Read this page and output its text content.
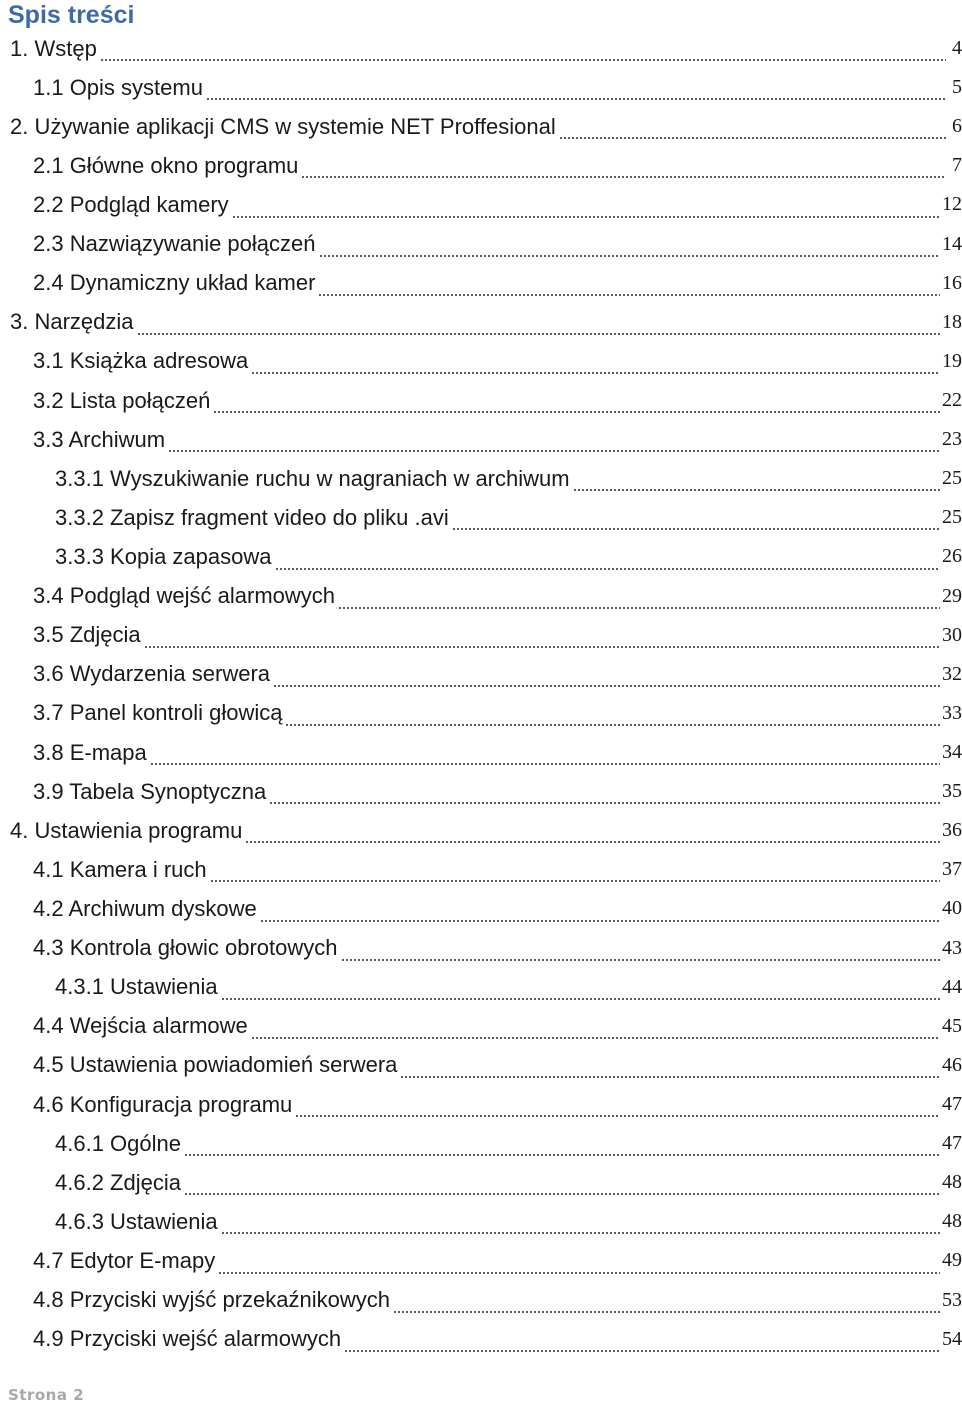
Spis treści
1. Wstęp	4
1.1 Opis systemu	5
2. Używanie aplikacji CMS w systemie NET Proffesional	6
2.1 Główne okno programu	7
2.2 Podgląd kamery	12
2.3 Nazwiązywanie połączeń	14
2.4 Dynamiczny układ kamer	16
3. Narzędzia	18
3.1 Książka adresowa	19
3.2 Lista połączeń	22
3.3 Archiwum	23
3.3.1 Wyszukiwanie ruchu w nagraniach w archiwum	25
3.3.2 Zapisz fragment video do pliku .avi	25
3.3.3 Kopia zapasowa	26
3.4 Podgląd wejść alarmowych	29
3.5 Zdjęcia	30
3.6 Wydarzenia serwera	32
3.7 Panel kontroli głowicą	33
3.8 E-mapa	34
3.9 Tabela Synoptyczna	35
4. Ustawienia programu	36
4.1 Kamera i ruch	37
4.2 Archiwum dyskowe	40
4.3 Kontrola głowic obrotowych	43
4.3.1 Ustawienia	44
4.4 Wejścia alarmowe	45
4.5 Ustawienia powiadomień serwera	46
4.6 Konfiguracja programu	47
4.6.1 Ogólne	47
4.6.2 Zdjęcia	48
4.6.3 Ustawienia	48
4.7 Edytor E-mapy	49
4.8 Przyciski wyjść przekaźnikowych	53
4.9 Przyciski wejść alarmowych	54
Strona 2
